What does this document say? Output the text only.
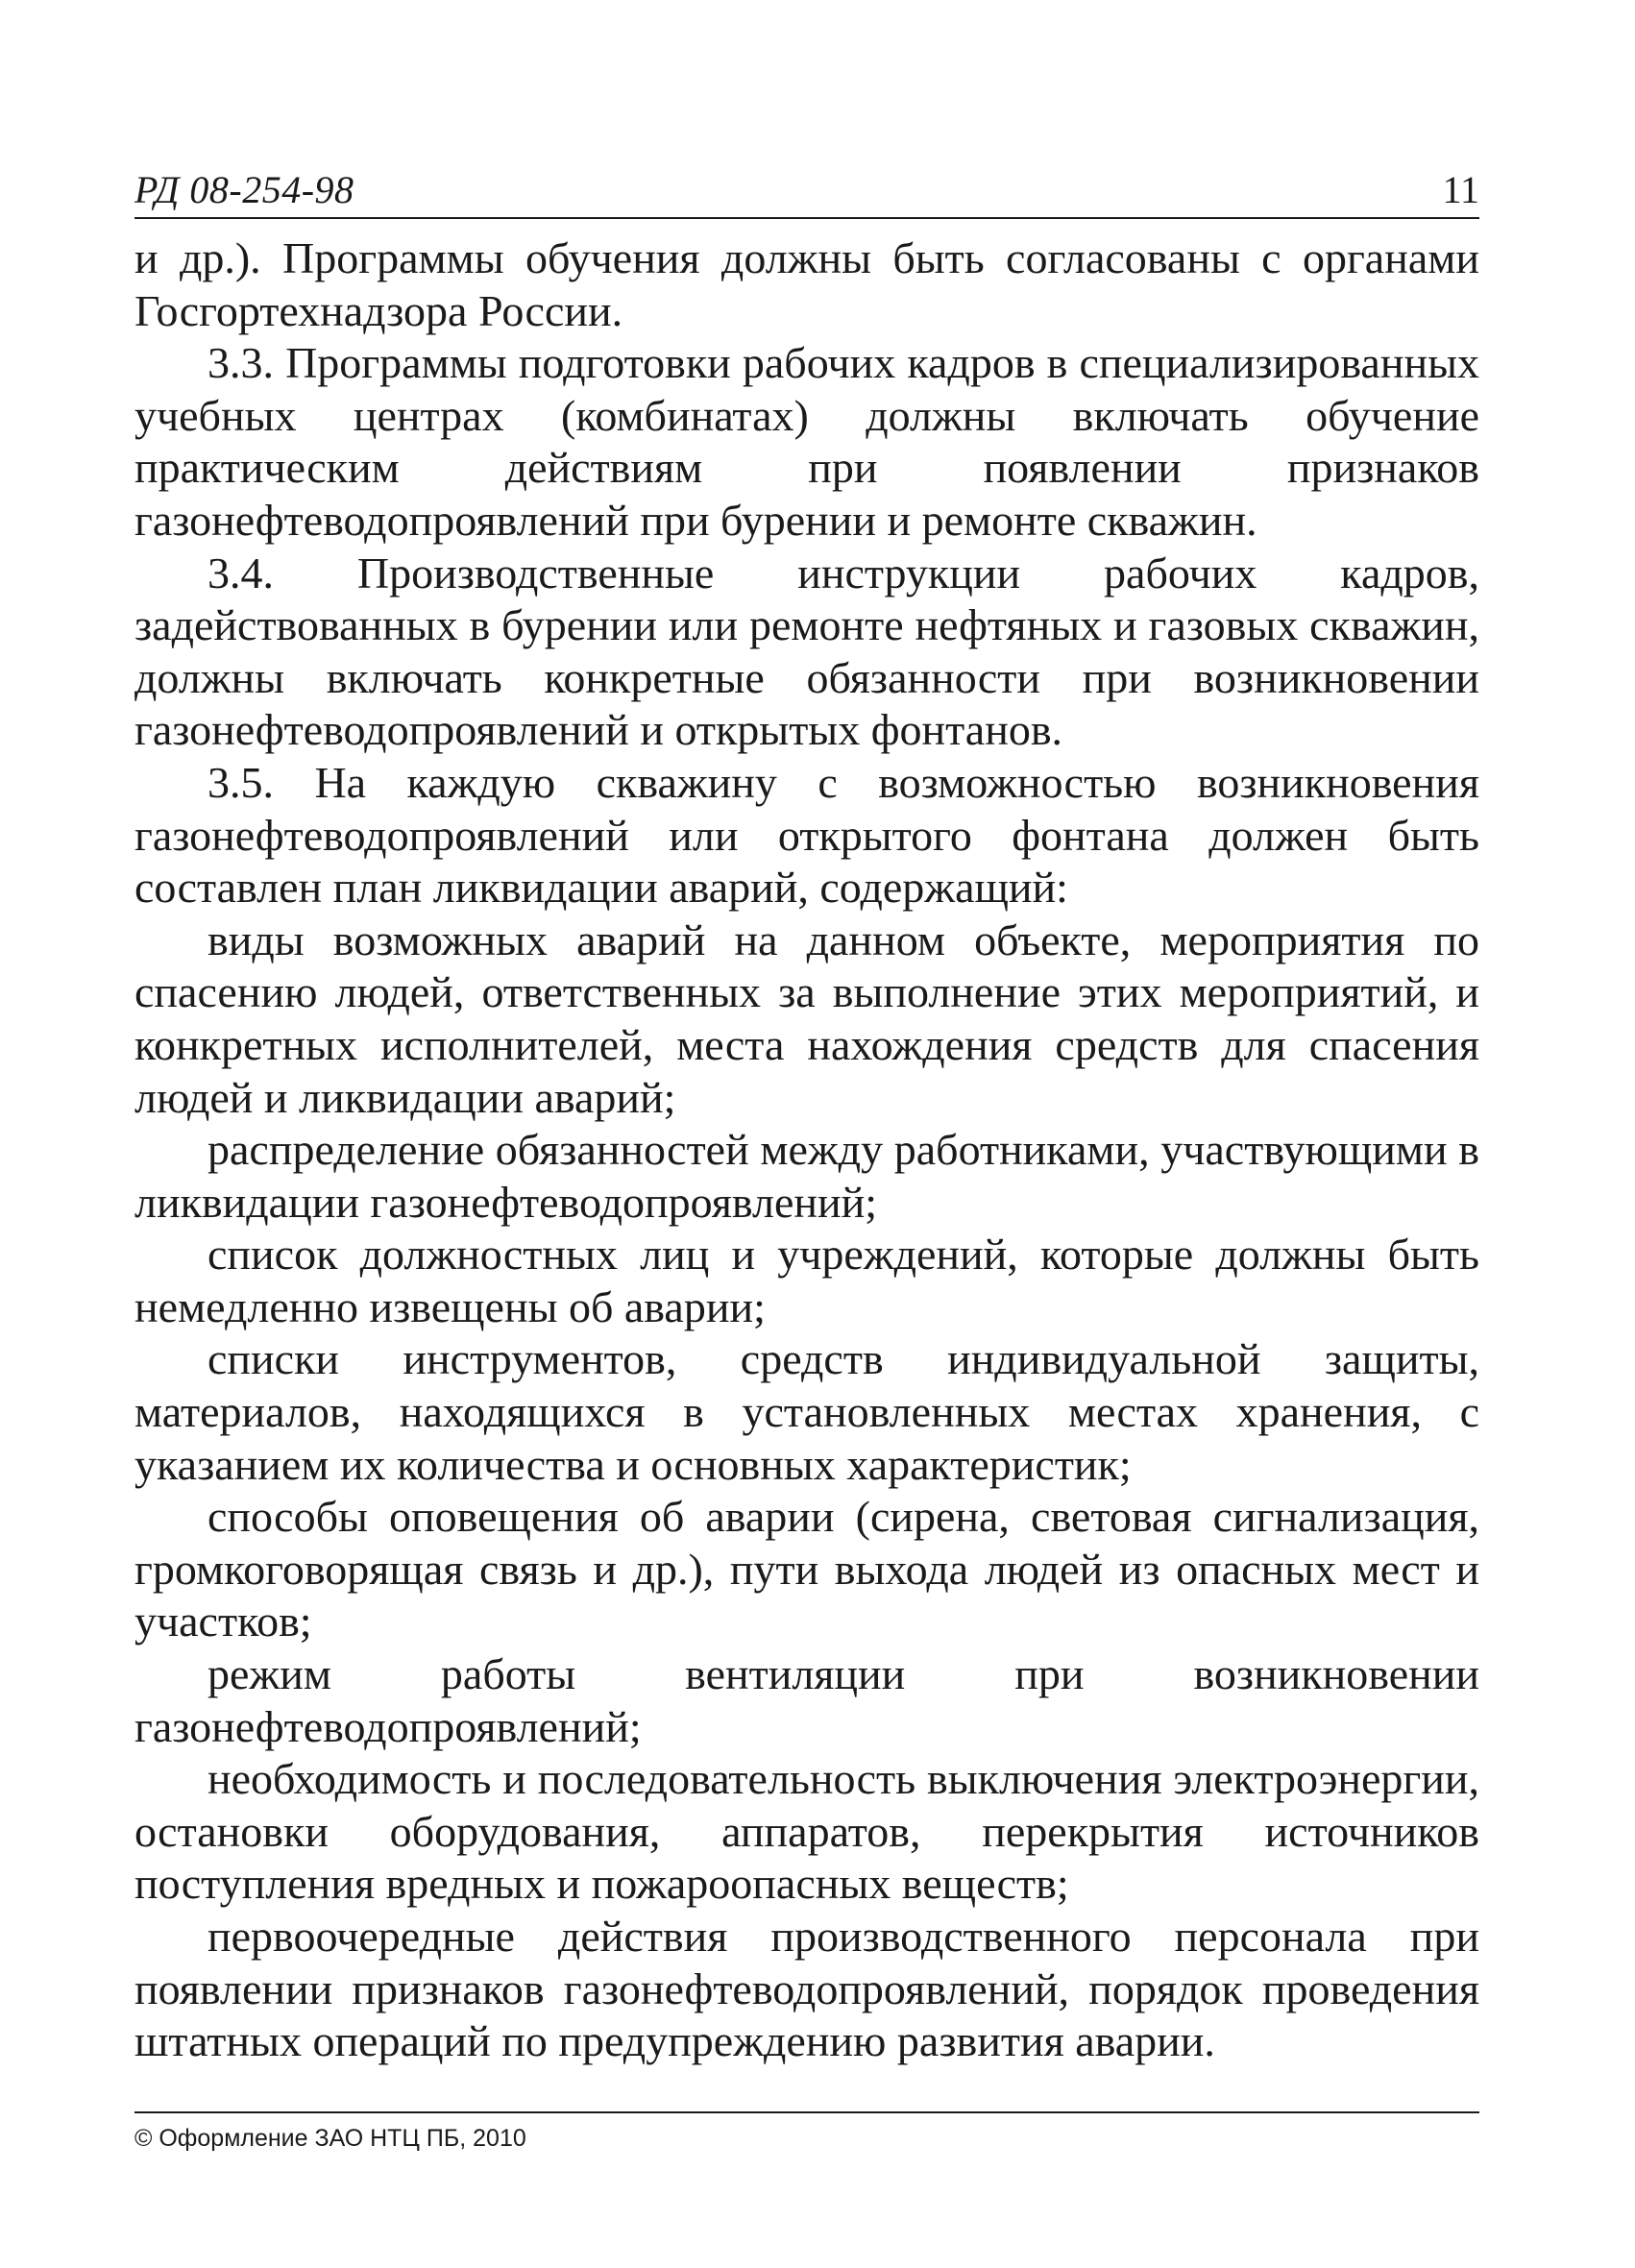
РД 08-254-98	11

и др.). Программы обучения должны быть согласованы с органами Госгортехнадзора России.

3.3. Программы подготовки рабочих кадров в специализированных учебных центрах (комбинатах) должны включать обучение практическим действиям при появлении признаков газонефтеводопроявлений при бурении и ремонте скважин.

3.4. Производственные инструкции рабочих кадров, задействованных в бурении или ремонте нефтяных и газовых скважин, должны включать конкретные обязанности при возникновении газонефтеводопроявлений и открытых фонтанов.

3.5. На каждую скважину с возможностью возникновения газонефтеводопроявлений или открытого фонтана должен быть составлен план ликвидации аварий, содержащий:

виды возможных аварий на данном объекте, мероприятия по спасению людей, ответственных за выполнение этих мероприятий, и конкретных исполнителей, места нахождения средств для спасения людей и ликвидации аварий;

распределение обязанностей между работниками, участвующими в ликвидации газонефтеводопроявлений;

список должностных лиц и учреждений, которые должны быть немедленно извещены об аварии;

списки инструментов, средств индивидуальной защиты, материалов, находящихся в установленных местах хранения, с указанием их количества и основных характеристик;

способы оповещения об аварии (сирена, световая сигнализация, громкоговорящая связь и др.), пути выхода людей из опасных мест и участков;

режим работы вентиляции при возникновении газонефтеводопроявлений;

необходимость и последовательность выключения электроэнергии, остановки оборудования, аппаратов, перекрытия источников поступления вредных и пожароопасных веществ;

первоочередные действия производственного персонала при появлении признаков газонефтеводопроявлений, порядок проведения штатных операций по предупреждению развития аварии.

© Оформление ЗАО НТЦ ПБ, 2010
